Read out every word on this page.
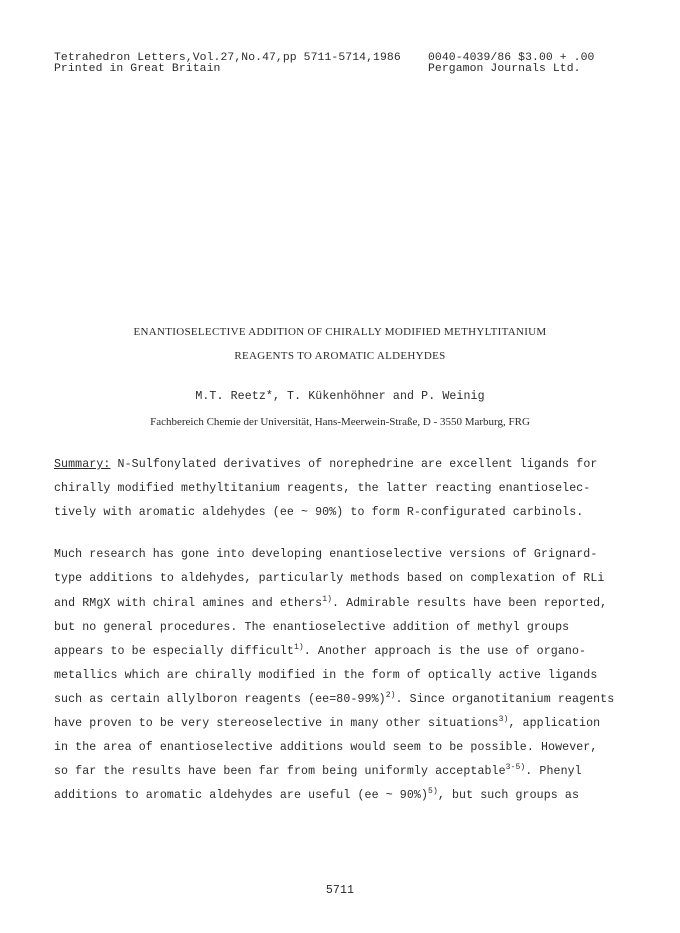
Tetrahedron Letters,Vol.27,No.47,pp 5711-5714,1986
Printed in Great Britain
0040-4039/86 $3.00 + .00
Pergamon Journals Ltd.
ENANTIOSELECTIVE ADDITION OF CHIRALLY MODIFIED METHYLTITANIUM
REAGENTS TO AROMATIC ALDEHYDES
M.T. Reetz*, T. Kükenhöhner and P. Weinig
Fachbereich Chemie der Universität, Hans-Meerwein-Straße, D - 3550 Marburg, FRG
Summary: N-Sulfonylated derivatives of norephedrine are excellent ligands for
chirally modified methyltitanium reagents, the latter reacting enantioselec-
tively with aromatic aldehydes (ee ~ 90%) to form R-configurated carbinols.
Much research has gone into developing enantioselective versions of Grignard-
type additions to aldehydes, particularly methods based on complexation of RLi
and RMgX with chiral amines and ethers$^{1)}$. Admirable results have been reported,
but no general procedures. The enantioselective addition of methyl groups
appears to be especially difficult$^{1)}$. Another approach is the use of organo-
metallics which are chirally modified in the form of optically active ligands
such as certain allylboron reagents (ee=80-99%)$^{2)}$. Since organotitanium reagents
have proven to be very stereoselective in many other situations$^{3)}$, application
in the area of enantioselective additions would seem to be possible. However,
so far the results have been far from being uniformly acceptable$^{3-5)}$. Phenyl
additions to aromatic aldehydes are useful (ee ~ 90%)$^{5)}$, but such groups as
5711
